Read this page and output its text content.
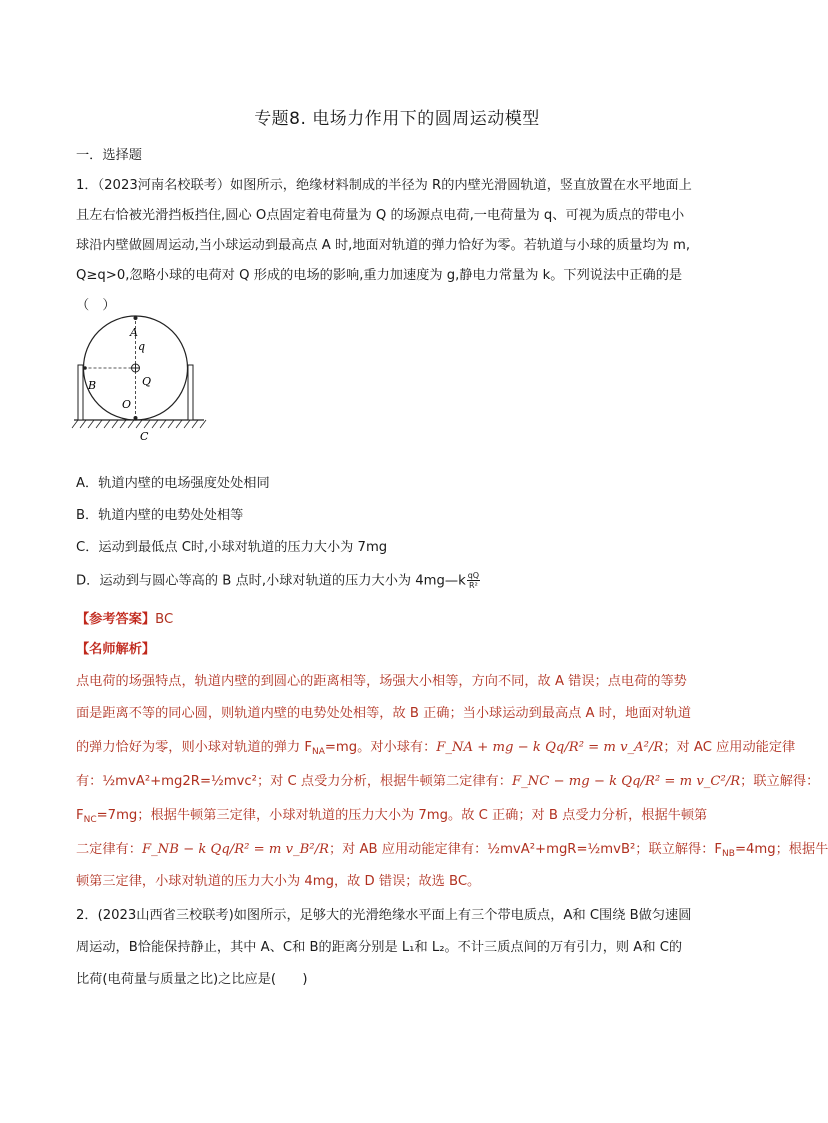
专题8. 电场力作用下的圆周运动模型
一．选择题
1．（2023河南名校联考）如图所示，绝缘材料制成的半径为 R的内壁光滑圆轨道，竖直放置在水平地面上
且左右恰被光滑挡板挡住,圆心 O点固定着电荷量为 Q 的场源点电荷,一电荷量为 q、可视为质点的带电小
球沿内壁做圆周运动,当小球运动到最高点 A 时,地面对轨道的弹力恰好为零。若轨道与小球的质量均为 m,
Q≥q>0,忽略小球的电荷对 Q 形成的电场的影响,重力加速度为 g,静电力常量为 k。下列说法中正确的是
（　）
A
q
B	Q
O
C
A．轨道内壁的电场强度处处相同
B．轨道内壁的电势处处相等
C．运动到最低点 C时,小球对轨道的压力大小为 7mg
D．运动到与圆心等高的 B 点时,小球对轨道的压力大小为 4mg—k $\frac{qQ}{\text{R²}}$
【参考答案】BC
【名师解析】
点电荷的场强特点，轨道内壁的到圆心的距离相等，场强大小相等，方向不同，故 A 错误；点电荷的等势
面是距离不等的同心圆，则轨道内壁的电势处处相等，故 B 正确；当小球运动到最高点 A 时，地面对轨道
的弹力恰好为零，则小球对轨道的弹力 $F_{NA}=mg$。对小球有：F_NA + mg − k Qq/R² = m v_A²/R；对 AC 应用动能定律
有：½mvA²+mg2R=½mvc²；对 C 点受力分析，根据牛顿第二定律有：F_NC − mg − k Qq/R² = m v_C²/R；联立解得：
$F_{NC}=7mg$；根据牛顿第三定律，小球对轨道的压力大小为 7mg。故 C 正确；对 B 点受力分析，根据牛顿第
二定律有：F_NB − k Qq/R² = m v_B²/R；对 AB 应用动能定律有：½mvA²+mgR=½mvB²；联立解得：$F_{NB}=4mg$；根据牛
顿第三定律，小球对轨道的压力大小为 4mg，故 D 错误；故选 BC。
2．(2023山西省三校联考)如图所示，足够大的光滑绝缘水平面上有三个带电质点，A和 C围绕 B做匀速圆
周运动，B恰能保持静止，其中 A、C和 B的距离分别是 L₁和 L₂。不计三质点间的万有引力，则 A和 C的
比荷(电荷量与质量之比)之比应是(　　)
